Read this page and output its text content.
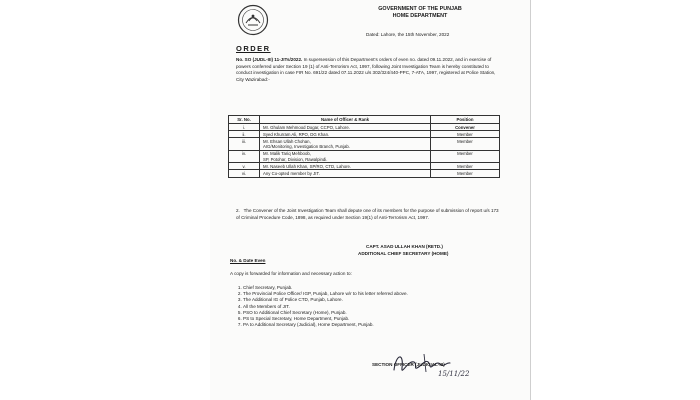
GOVERNMENT OF THE PUNJAB

HOME DEPARTMENT

Dated: Lahore, the 15th November, 2022

ORDER

No. SO (JUDL-III) 11-JITs/2022. In supersession of this Department's orders of even no. dated 09.11.2022, and in exercise of powers conferred under Section 19 (1) of Anti-Terrorism Act, 1997, following Joint Investigation Team is hereby constituted to conduct investigation in case FIR No. 691/22 dated 07.11.2022 u/s 302/324/440-PPC, 7-ATA, 1997, registered at Police Station, City Wazirabad:-

Sr. No.	Name of Officer & Rank	Position
i.	Mr. Ghulam Mehmood Dogar, CCPO, Lahore.	Convener
ii.	Syed Khurram Ali, RPO, DG Khan.	Member
iii.	Mr. Ehsan Ullah Chohan,
AIG/Monitoring, Investigation Branch, Punjab.	Member
iv.	Mr. Malik Tariq Mehboob,
SP, Potohar, Division, Rawalpindi.	Member
v.	Mr. Naseeb Ullah Khan, SP/RO, CTD, Lahore.	Member
vi.	Any Co-opted member by JIT.	Member

2. The Convener of the Joint Investigation Team shall depute one of its members for the purpose of submission of report u/s 173 of Criminal Procedure Code, 1898, as required under Section 19(1) of Anti-Terrorism Act, 1997.

CAPT. ASAD ULLAH KHAN (RETD.)

ADDITIONAL CHIEF SECRETARY (HOME)

No. & Date Even

A copy is forwarded for information and necessary action to:

1. Chief Secretary, Punjab.
2. The Provincial Police Officer/ IGP, Punjab, Lahore w/r to his letter referred above.
3. The Additional IG of Police CTD, Punjab, Lahore.
4. All the Members of JIT.
5. PSO to Additional Chief Secretary (Home), Punjab.
6. PS to Special Secretary, Home Department, Punjab.
7. PA to Additional Secretary (Judicial), Home Department, Punjab.

SECTION OFFICER (JUDICIAL-III)

15/11/22
